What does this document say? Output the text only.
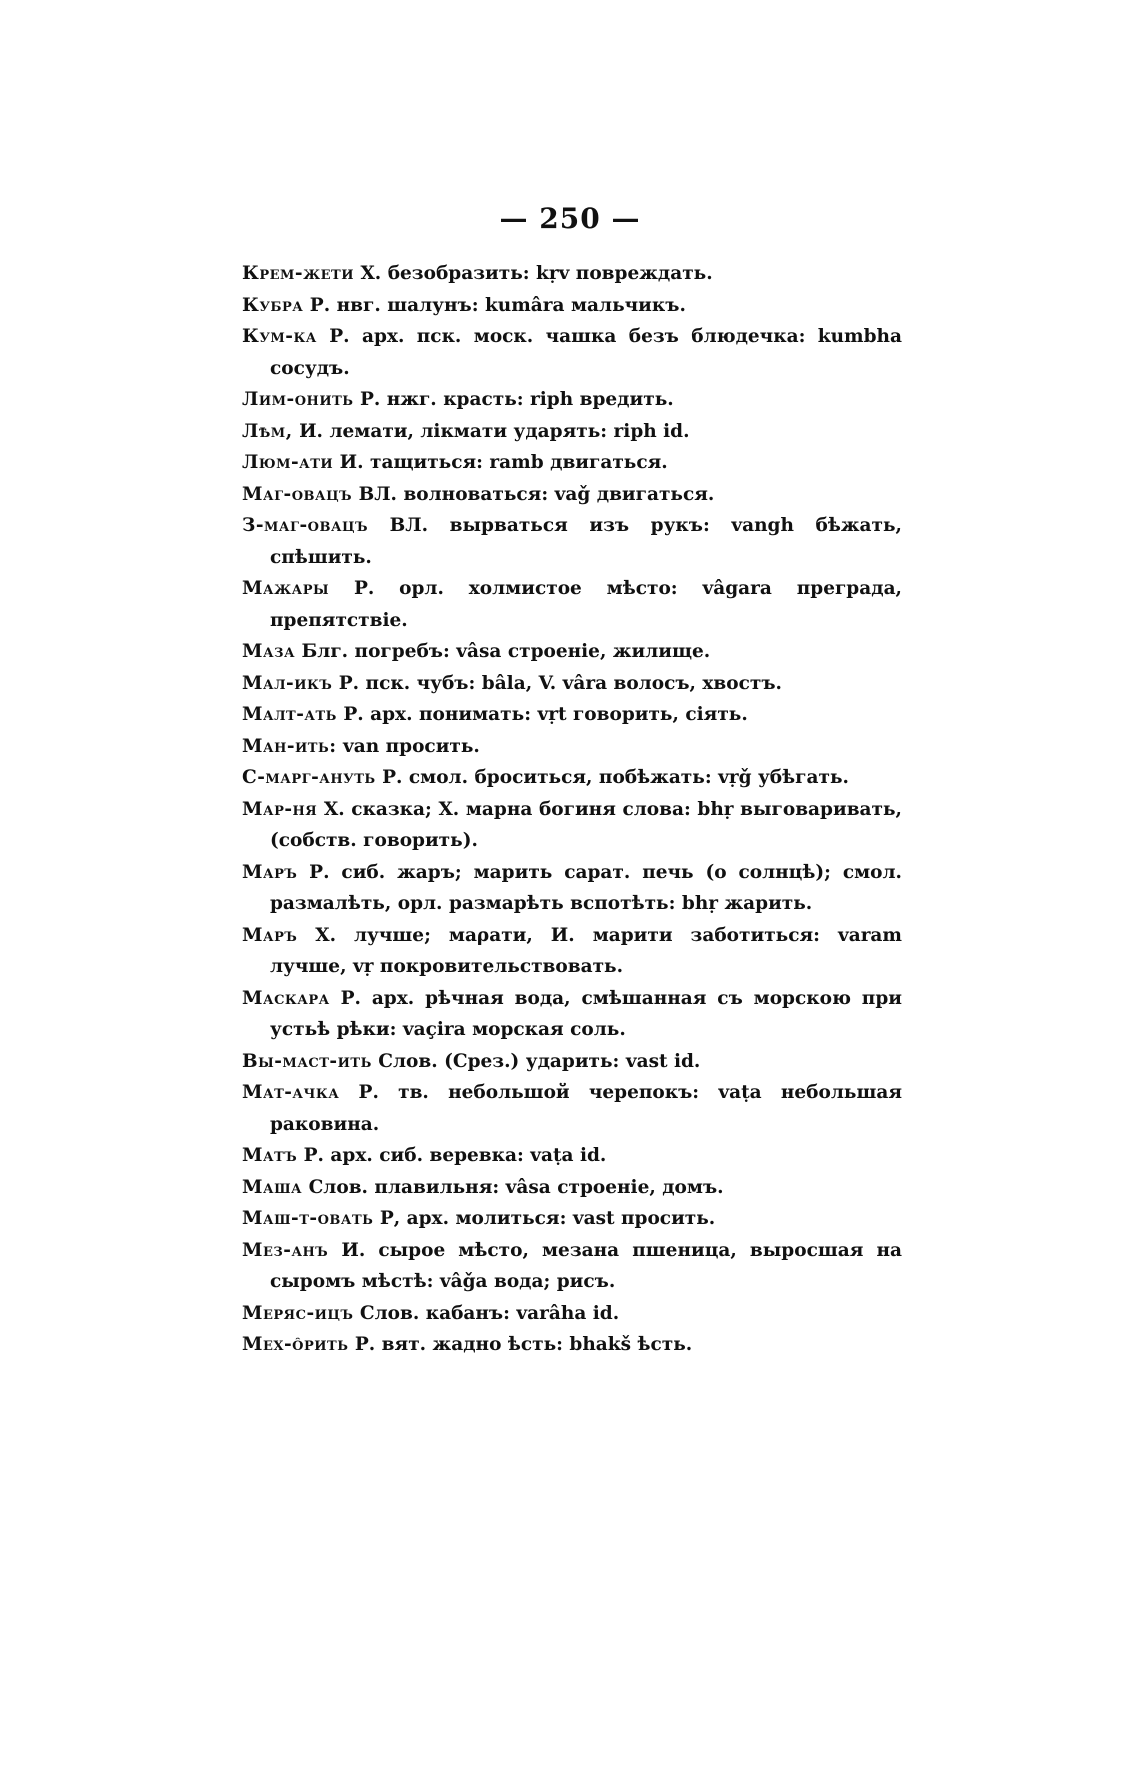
— 250 —
Крем-жети Х. безобразить: kṛv повреждать.
Кубра Р. нвг. шалунъ: kumâra мальчикъ.
Кум-ка Р. арх. пск. моск. чашка безъ блюдечка: kumbha сосудъ.
Лим-онить Р. нжг. красть: riph вредить.
Лѣм, И. лемати, лікмати ударять: riph id.
Люм-ати И. тащиться: ramb двигаться.
Маг-овацъ ВЛ. волноваться: vaǧ двигаться.
З-маг-овацъ ВЛ. вырваться изъ рукъ: vangh бѣжать, спѣшить.
Мажары Р. орл. холмистое мѣсто: vâgara преграда, препятствіе.
Маза Блг. погребъ: vâsa строеніе, жилище.
Мал-икъ Р. пск. чубъ: bâla, V. vâra волосъ, хвостъ.
Малт-ать Р. арх. понимать: vṛt говорить, сіять.
Ман-ить: van просить.
С-марг-ануть Р. смол. броситься, побѣжать: vṛǧ убѣгать.
Мар-ня Х. сказка; Х. марна богиня слова: bhṛ выговаривать, (собств. говорить).
Маръ Р. сиб. жаръ; марить сарат. печь (о солнцѣ); смол. размалѣть, орл. размарѣть вспотѣть: bhṛ жарить.
Маръ Х. лучше; маρати, И. марити заботиться: varam лучше, vṛ покровительствовать.
Маскара Р. арх. рѣчная вода, смѣшанная съ морскою при устьѣ рѣки: vaçira морская соль.
Вы-маст-ить Слов. (Срез.) ударить: vast id.
Мат-ачка Р. тв. небольшой черепокъ: vaṭa небольшая раковина.
Матъ Р. арх. сиб. веревка: vaṭa id.
Маша Слов. плавильня: vâsa строеніе, домъ.
Маш-т-овать Р, арх. молиться: vast просить.
Мез-анъ И. сырое мѣсто, мезана пшеница, выросшая на сыромъ мѣстѣ: vâǧa вода; рисъ.
Меряс-ицъ Слов. кабанъ: varâha id.
Мех-ôрить Р. вят. жадно ѣсть: bhakš ѣсть.
